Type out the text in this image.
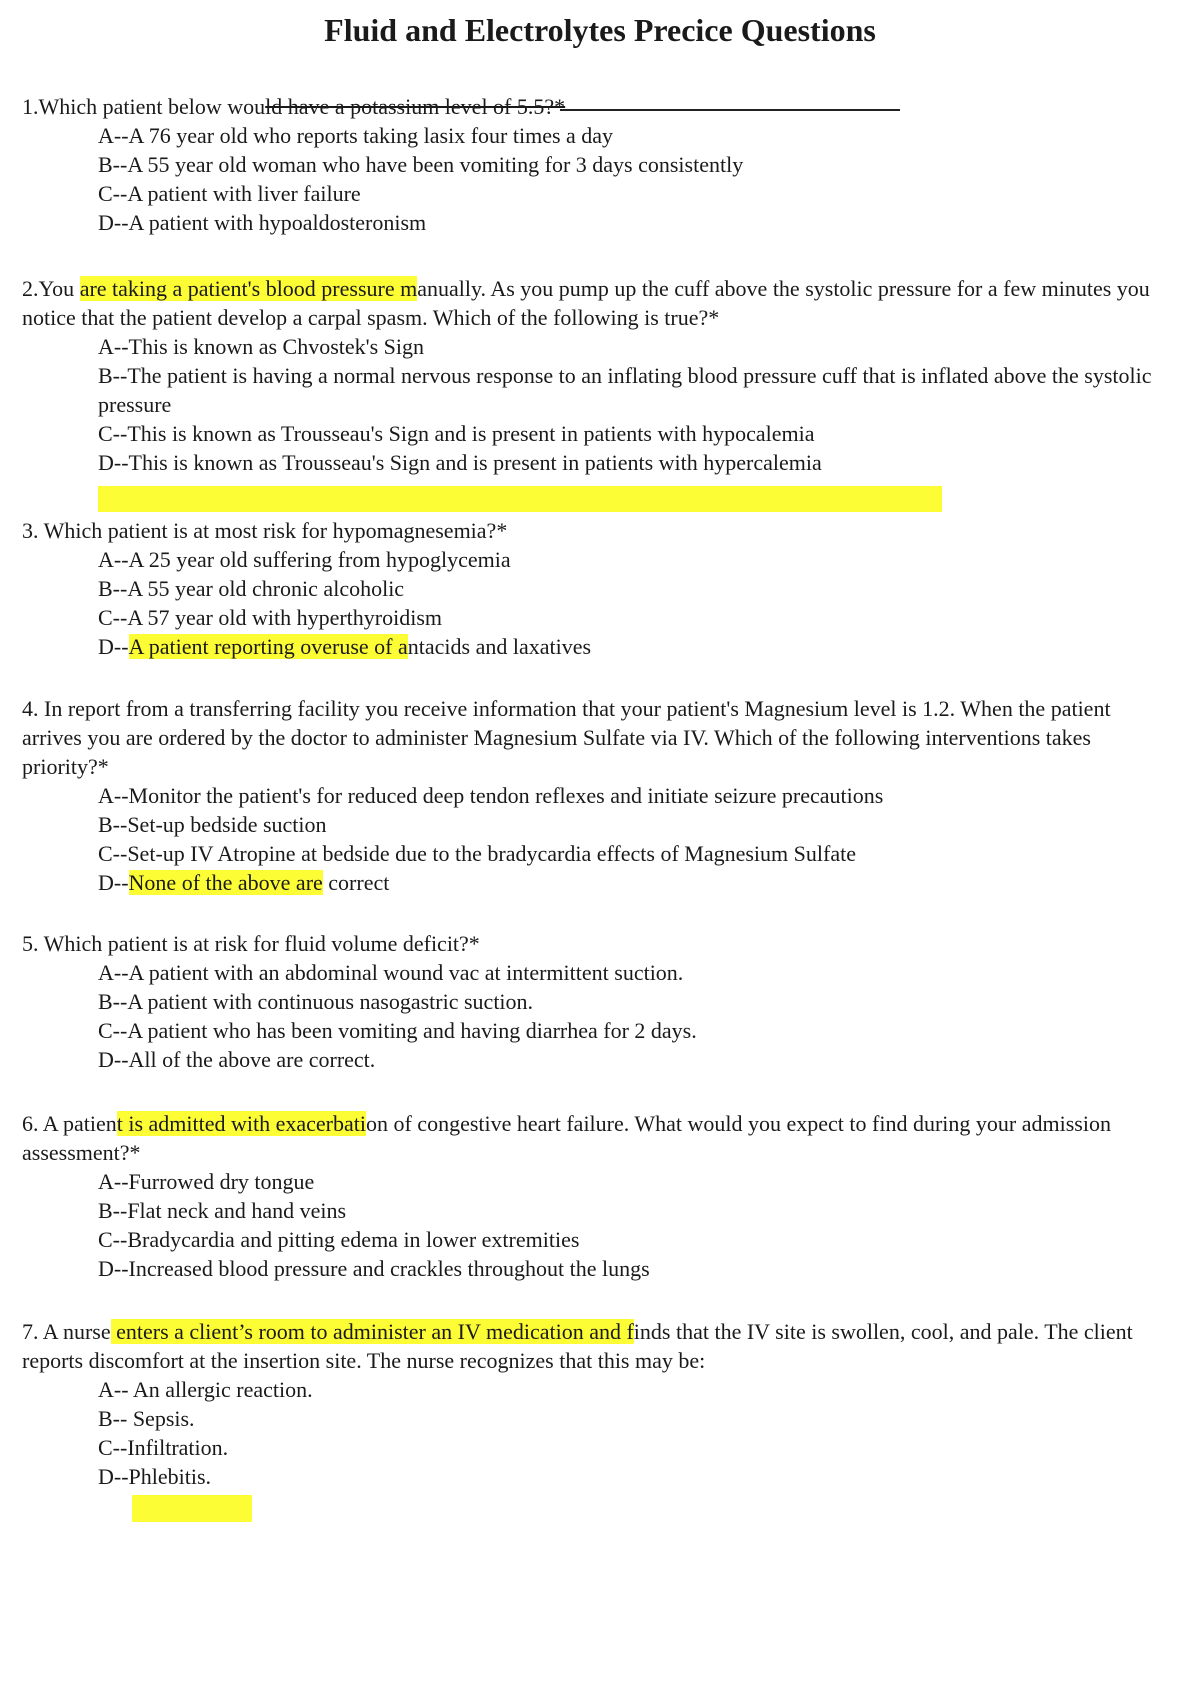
Fluid and Electrolytes Precice Questions

1.Which patient below would have a potassium level of 5.5?*

A--A 76 year old who reports taking lasix four times a day
B--A 55 year old woman who have been vomiting for 3 days consistently
C--A patient with liver failure
D--A patient with hypoaldosteronism

2.You are taking a patient's blood pressure manually. As you pump up the cuff above the systolic pressure for a few minutes you notice that the patient develop a carpal spasm. Which of the following is true?*

A--This is known as Chvostek's Sign
B--The patient is having a normal nervous response to an inflating blood pressure cuff that is inflated above the systolic pressure
C--This is known as Trousseau's Sign and is present in patients with hypocalemia
D--This is known as Trousseau's Sign and is present in patients with hypercalemia

3. Which patient is at most risk for hypomagnesemia?*

A--A 25 year old suffering from hypoglycemia
B--A 55 year old chronic alcoholic
C--A 57 year old with hyperthyroidism
D--A patient reporting overuse of antacids and laxatives

4. In report from a transferring facility you receive information that your patient's Magnesium level is 1.2. When the patient arrives you are ordered by the doctor to administer Magnesium Sulfate via IV. Which of the following interventions takes priority?*

A--Monitor the patient's for reduced deep tendon reflexes and initiate seizure precautions
B--Set-up bedside suction
C--Set-up IV Atropine at bedside due to the bradycardia effects of Magnesium Sulfate
D--None of the above are correct

5. Which patient is at risk for fluid volume deficit?*

A--A patient with an abdominal wound vac at intermittent suction.
B--A patient with continuous nasogastric suction.
C--A patient who has been vomiting and having diarrhea for 2 days.
D--All of the above are correct.

6. A patient is admitted with exacerbation of congestive heart failure. What would you expect to find during your admission assessment?*

A--Furrowed dry tongue
B--Flat neck and hand veins
C--Bradycardia and pitting edema in lower extremities
D--Increased blood pressure and crackles throughout the lungs

7. A nurse enters a client’s room to administer an IV medication and finds that the IV site is swollen, cool, and pale. The client reports discomfort at the insertion site. The nurse recognizes that this may be:

A-- An allergic reaction.
B-- Sepsis.
C--Infiltration.
D--Phlebitis.
